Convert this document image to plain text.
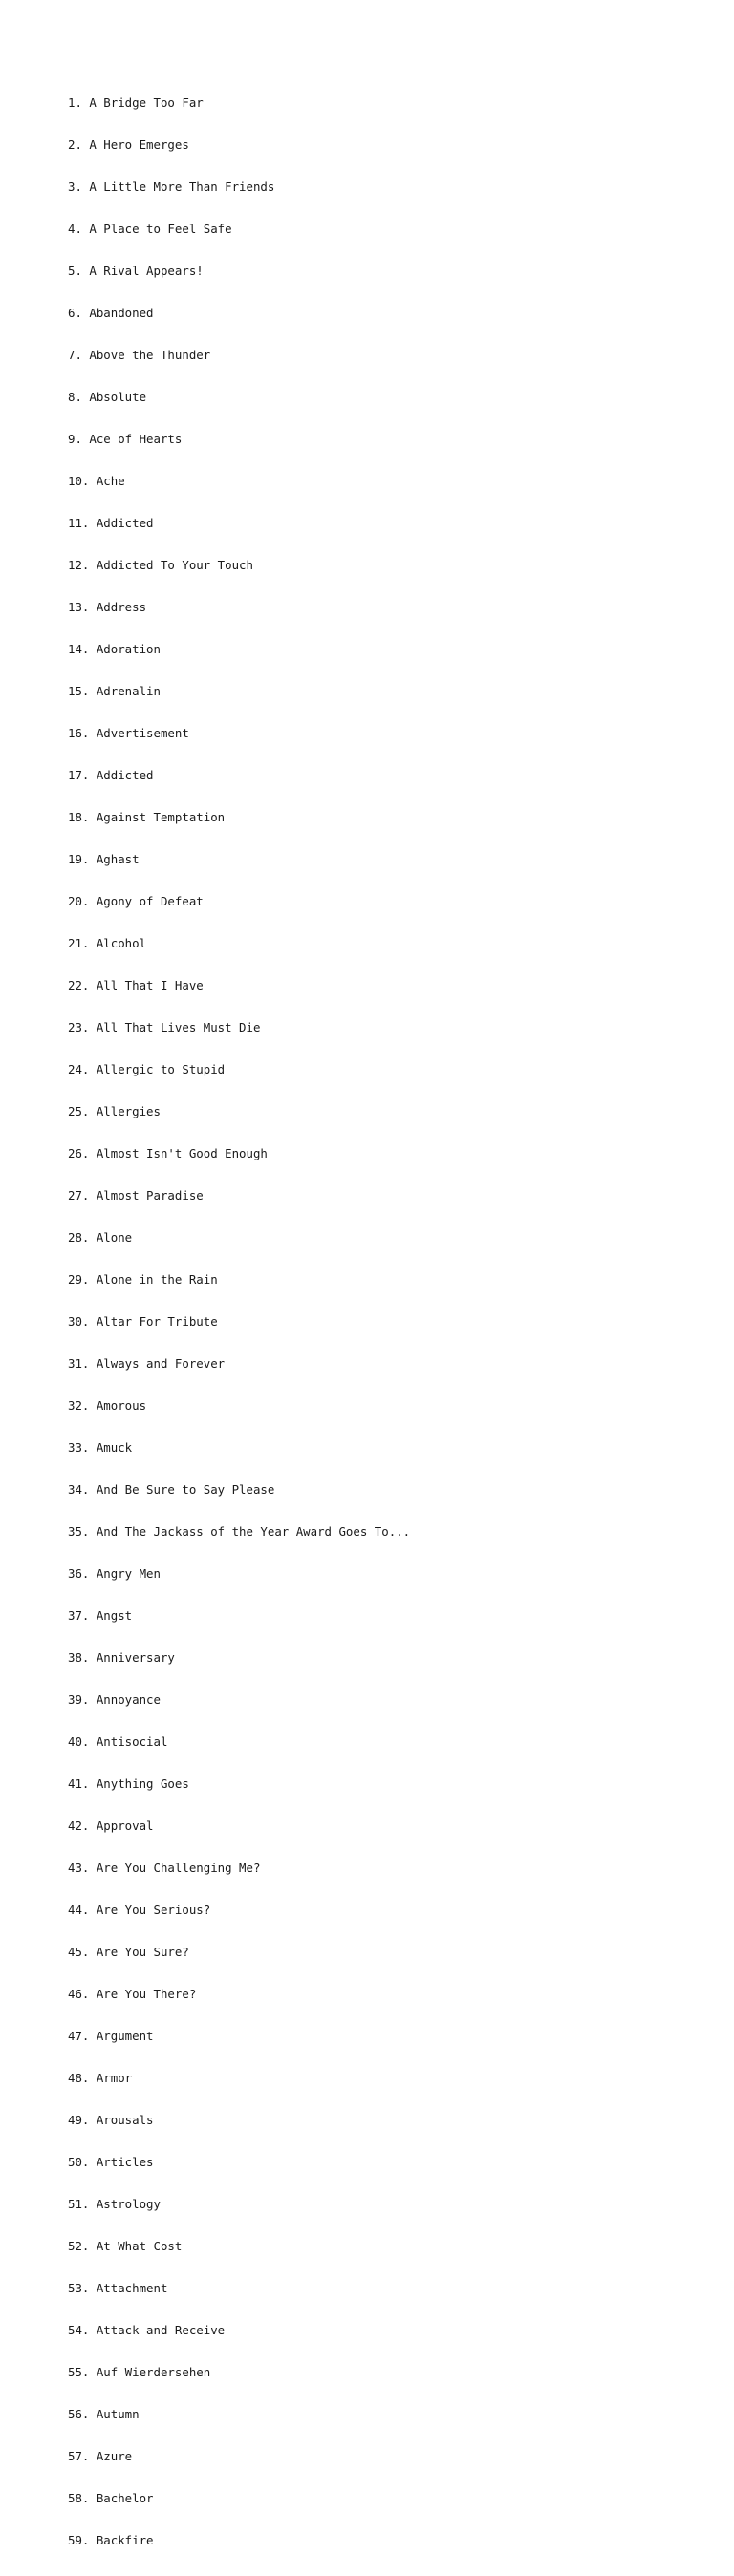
1. A Bridge Too Far

2. A Hero Emerges

3. A Little More Than Friends

4. A Place to Feel Safe

5. A Rival Appears!

6. Abandoned

7. Above the Thunder

8. Absolute

9. Ace of Hearts

10. Ache

11. Addicted

12. Addicted To Your Touch

13. Address

14. Adoration

15. Adrenalin

16. Advertisement

17. Addicted

18. Against Temptation

19. Aghast

20. Agony of Defeat

21. Alcohol

22. All That I Have

23. All That Lives Must Die

24. Allergic to Stupid

25. Allergies

26. Almost Isn't Good Enough

27. Almost Paradise

28. Alone

29. Alone in the Rain

30. Altar For Tribute

31. Always and Forever

32. Amorous

33. Amuck

34. And Be Sure to Say Please

35. And The Jackass of the Year Award Goes To...

36. Angry Men

37. Angst

38. Anniversary

39. Annoyance

40. Antisocial

41. Anything Goes

42. Approval

43. Are You Challenging Me?

44. Are You Serious?

45. Are You Sure?

46. Are You There?

47. Argument

48. Armor

49. Arousals

50. Articles

51. Astrology

52. At What Cost

53. Attachment

54. Attack and Receive

55. Auf Wierdersehen

56. Autumn

57. Azure

58. Bachelor

59. Backfire
